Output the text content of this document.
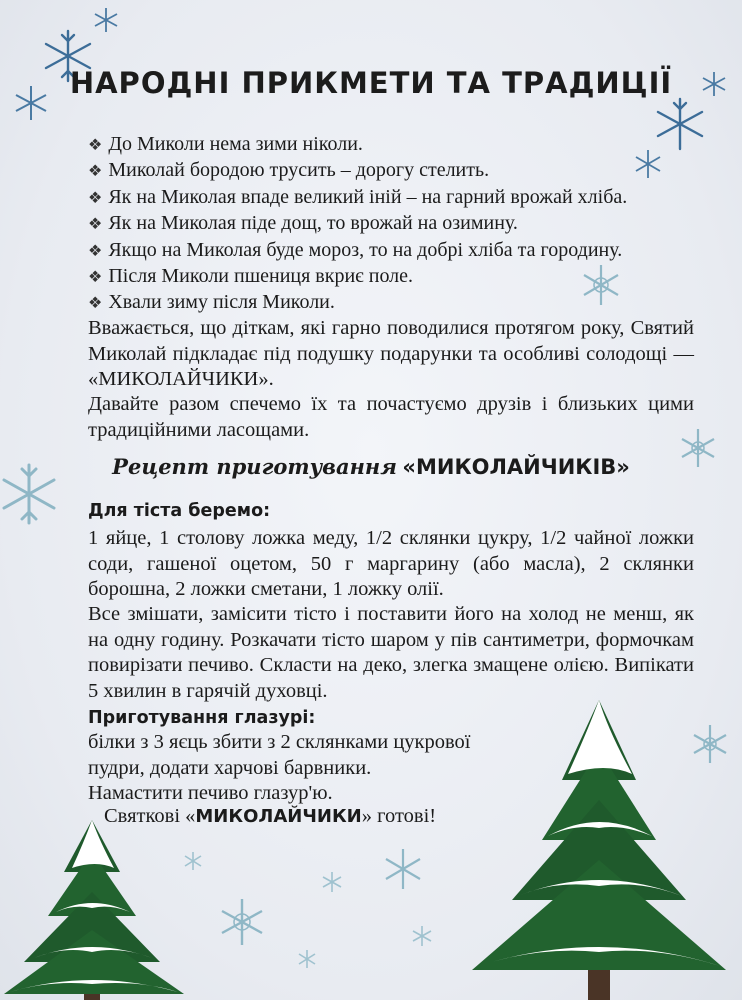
НАРОДНІ ПРИКМЕТИ ТА ТРАДИЦІЇ
❖ До Миколи нема зими ніколи.
❖ Миколай бородою трусить – дорогу стелить.
❖ Як на Миколая впаде великий іній – на гарний врожай хліба.
❖ Як на Миколая піде дощ, то врожай на озимину.
❖ Якщо на Миколая буде мороз, то на добрі хліба та городину.
❖ Після Миколи пшениця вкриє поле.
❖ Хвали зиму після Миколи.

Вважається, що діткам, які гарно поводилися протягом року, Святий Миколай підкладає під подушку подарунки та особливі солодощі — «МИКОЛАЙЧИКИ».

Давайте разом спечемо їх та почастуємо друзів і близьких цими традиційними ласощами.

Рецепт приготування «МИКОЛАЙЧИКІВ»

Для тіста беремо:

1 яйце, 1 столову ложка меду, 1/2 склянки цукру, 1/2 чайної ложки соди, гашеної оцетом, 50 г маргарину (або масла), 2 склянки борошна, 2 ложки сметани, 1 ложку олії.

Все змішати, замісити тісто і поставити його на холод не менш, як на одну годину. Розкачати тісто шаром у пів сантиметри, формочкам повирізати печиво. Скласти на деко, злегка змащене олією. Випікати 5 хвилин в гарячій духовці.

Приготування глазурі:

білки з 3 яєць збити з 2 склянками цукрової пудри, додати харчові барвники.

Намастити печиво глазур'ю.

Святкові «МИКОЛАЙЧИКИ» готові!
